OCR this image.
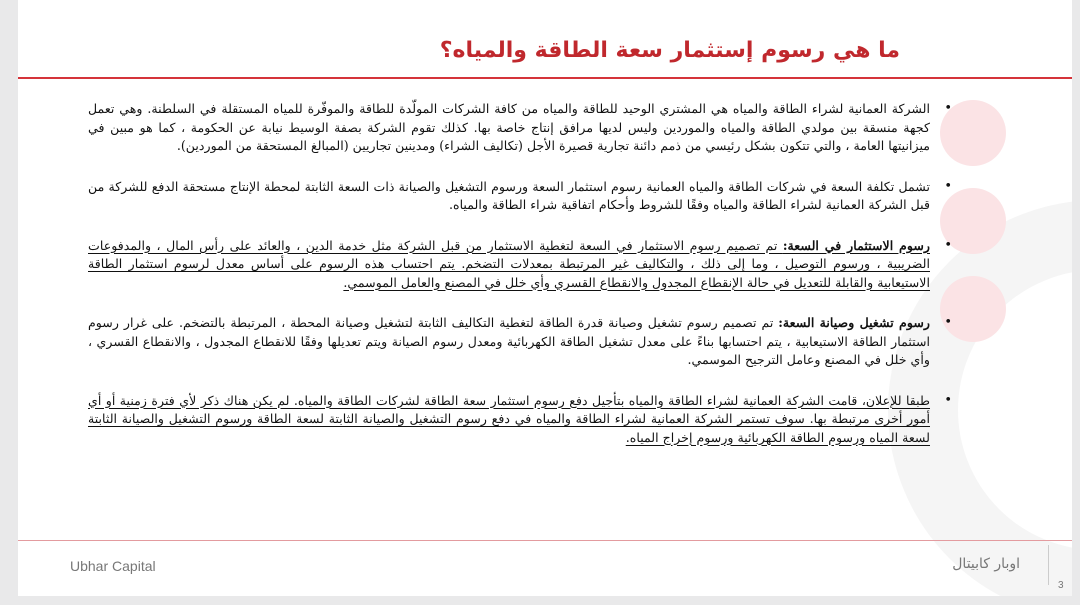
ما هي رسوم إستثمار سعة الطاقة والمياه؟
•
الشركة العمانية لشراء الطاقة والمياه هي المشتري الوحيد للطاقة والمياه من كافة الشركات المولّدة للطاقة والموفّرة للمياه المستقلة في السلطنة. وهي تعمل كجهة منسقة بين مولدي الطاقة والمياه والموردين وليس لديها مرافق إنتاج خاصة بها. كذلك تقوم الشركة بصفة الوسيط نيابة عن الحكومة ، كما هو مبين في ميزانيتها العامة ، والتي تتكون بشكل رئيسي من ذمم دائنة تجارية قصيرة الأجل (تكاليف الشراء) ومدينين تجاريين (المبالغ المستحقة من الموردين).
•
تشمل تكلفة السعة في شركات الطاقة والمياه العمانية رسوم استثمار السعة ورسوم التشغيل والصيانة ذات السعة الثابتة لمحطة الإنتاج مستحقة الدفع للشركة من قبل الشركة العمانية لشراء الطاقة والمياه وفقًا للشروط وأحكام اتفاقية شراء الطاقة والمياه.
•
رسوم الاستثمار في السعة: تم تصميم رسوم الاستثمار في السعة لتغطية الاستثمار من قبل الشركة مثل خدمة الدين ، والعائد على رأس المال ، والمدفوعات الضريبية ، ورسوم التوصيل ، وما إلى ذلك ، والتكاليف غير المرتبطة بمعدلات التضخم. يتم احتساب هذه الرسوم على أساس معدل لرسوم استثمار الطاقة الاستيعابية والقابلة للتعديل في حالة الإنقطاع المجدول والانقطاع القسري وأي خلل في المصنع والعامل الموسمي.
•
رسوم تشغيل وصيانة السعة: تم تصميم رسوم تشغيل وصيانة قدرة الطاقة لتغطية التكاليف الثابتة لتشغيل وصيانة المحطة ، المرتبطة بالتضخم. على غرار رسوم استثمار الطاقة الاستيعابية ، يتم احتسابها بناءً على معدل تشغيل الطاقة الكهربائية ومعدل رسوم الصيانة ويتم تعديلها وفقًا للانقطاع المجدول ، والانقطاع القسري ، وأي خلل في المصنع وعامل الترجيح الموسمي.
•
طبقا للإعلان، قامت الشركة العمانية لشراء الطاقة والمياه بتأجيل دفع رسوم استثمار سعة الطاقة لشركات الطاقة والمياه. لم يكن هناك ذكر لأي فترة زمنية أو أي أمور أخرى مرتبطة بها. سوف تستمر الشركة العمانية لشراء الطاقة والمياه في دفع رسوم التشغيل والصيانة الثابتة لسعة الطاقة ورسوم التشغيل والصيانة الثابتة لسعة المياه ورسوم الطاقة الكهربائية ورسوم إخراج المياه.
Ubhar Capital	اوبار كابيتال
3
